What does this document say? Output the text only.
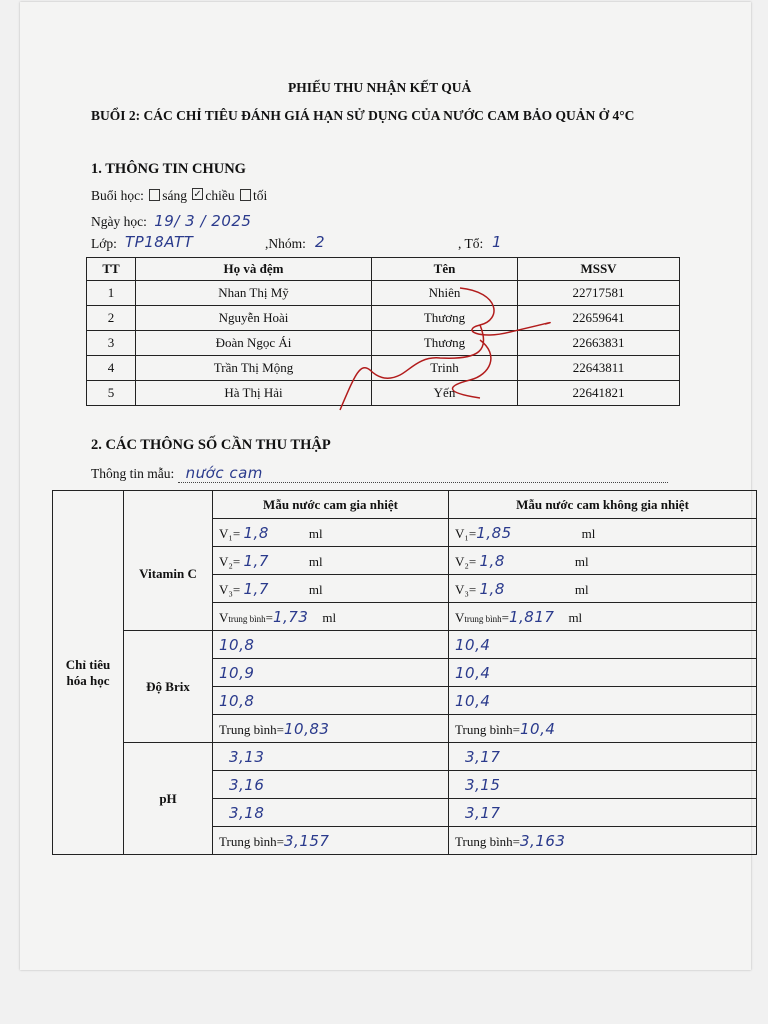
PHIẾU THU NHẬN KẾT QUẢ
BUỔI 2: CÁC CHỈ TIÊU ĐÁNH GIÁ HẠN SỬ DỤNG CỦA NƯỚC CAM BẢO QUẢN Ở 4°C
1. THÔNG TIN CHUNG
Buổi học: sáng ✓ chiều tối
Ngày học: 19/ 3 / 2025
Lớp: TP18ATT	,Nhóm: 2	, Tổ: 1
TT	Họ và đệm	Tên	MSSV
1	Nhan Thị Mỹ	Nhiên	22717581
2	Nguyễn Hoài	Thương	22659641
3	Đoàn Ngọc Ái	Thương	22663831
4	Trần Thị Mộng	Trinh	22643811
5	Hà Thị Hải	Yến	22641821
2. CÁC THÔNG SỐ CẦN THU THẬP
Thông tin mẫu: nước cam
Chỉ tiêu hóa học		Mẫu nước cam gia nhiệt	Mẫu nước cam không gia nhiệt
	Vitamin C	V₁= 1,8 ml	V₁=1,85 ml
		V₂= 1,7 ml	V₂= 1,8 ml
		V₃= 1,7 ml	V₃= 1,8 ml
		Vtrung bình=1,73 ml	Vtrung bình=1,817 ml
	Độ Brix	10,8	10,4
		10,9	10,4
		10,8	10,4
		Trung bình=10,83	Trung bình=10,4
	pH	3,13	3,17
		3,16	3,15
		3,18	3,17
		Trung bình=3,157	Trung bình=3,163
